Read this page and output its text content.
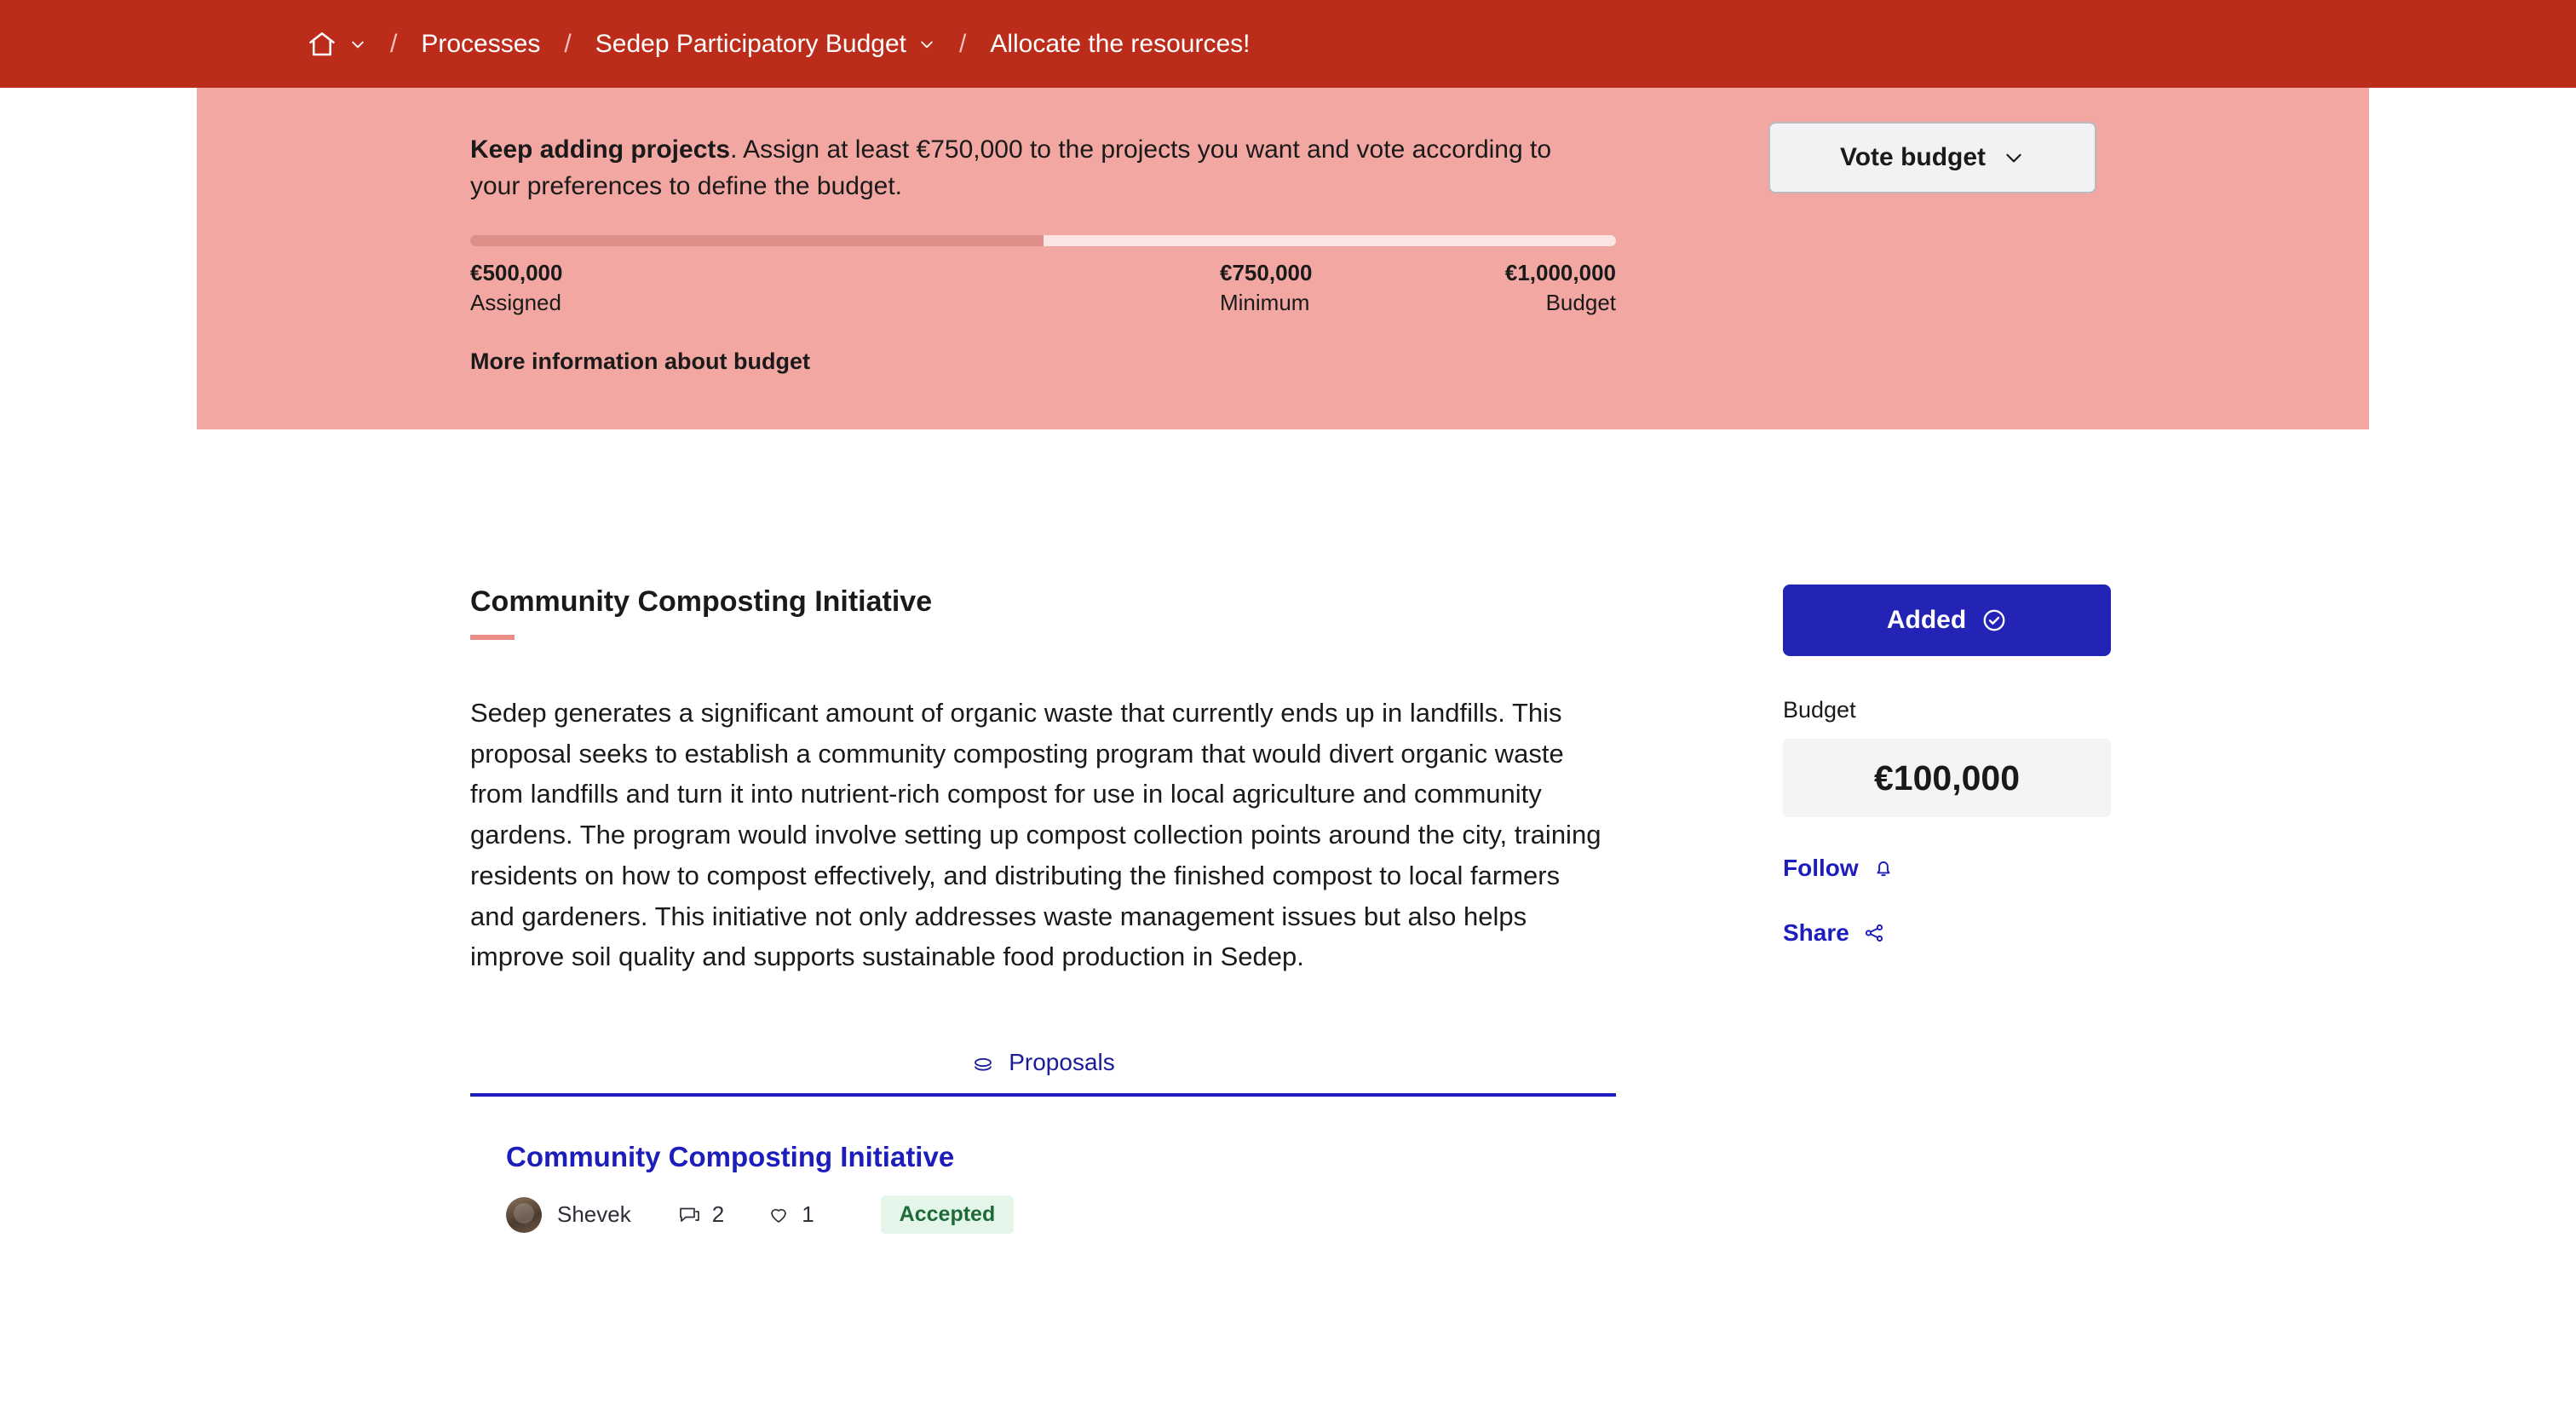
/ Processes / Sedep Participatory Budget / Allocate the resources!
Keep adding projects. Assign at least €750,000 to the projects you want and vote according to your preferences to define the budget.
€500,000
Assigned
€750,000
Minimum
€1,000,000
Budget
More information about budget
Vote budget
Community Composting Initiative
Sedep generates a significant amount of organic waste that currently ends up in landfills. This proposal seeks to establish a community composting program that would divert organic waste from landfills and turn it into nutrient-rich compost for use in local agriculture and community gardens. The program would involve setting up compost collection points around the city, training residents on how to compost effectively, and distributing the finished compost to local farmers and gardeners. This initiative not only addresses waste management issues but also helps improve soil quality and supports sustainable food production in Sedep.
Proposals
Community Composting Initiative
Shevek	2	1	Accepted
Added
Budget
€100,000
Follow
Share
